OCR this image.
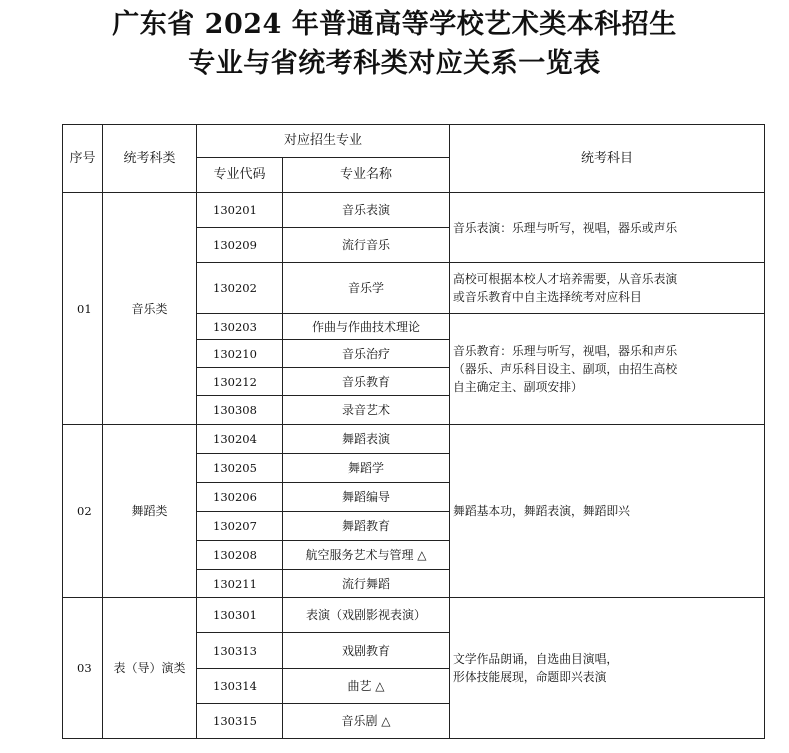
广东省 2024 年普通高等学校艺术类本科招生
专业与省统考科类对应关系一览表
序号	统考科类	对应招生专业		统考科目
		专业代码	专业名称	
01	音乐类	130201	音乐表演	音乐表演：乐理与听写，视唱，器乐或声乐

		130209	流行音乐	
		130202	音乐学	高校可根据本校人才培养需要，从音乐表演
或音乐教育中自主选择统考对应科目

		130203	作曲与作曲技术理论	音乐教育：乐理与听写，视唱，器乐和声乐
（器乐、声乐科目设主、副项，由招生高校
自主确定主、副项安排）

		130210	音乐治疗	
		130212	音乐教育	
		130308	录音艺术	
02	舞蹈类	130204	舞蹈表演	舞蹈基本功，舞蹈表演，舞蹈即兴

		130205	舞蹈学	
		130206	舞蹈编导	
		130207	舞蹈教育	
		130208	航空服务艺术与管理 △	
		130211	流行舞蹈	
03	表（导）演类	130301	表演（戏剧影视表演）	文学作品朗诵，自选曲目演唱，
形体技能展现，命题即兴表演

		130313	戏剧教育	
		130314	曲艺 △	
		130315	音乐剧 △	
